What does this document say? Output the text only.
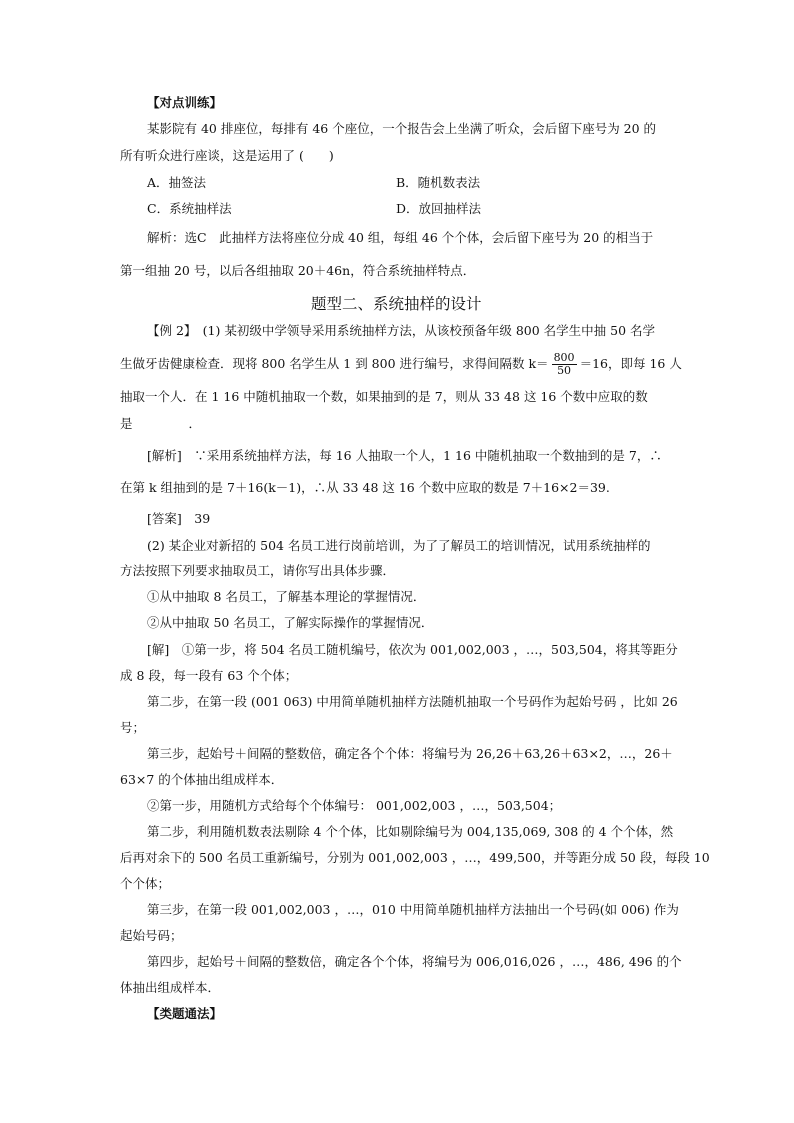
【对点训练】
某影院有 40 排座位，每排有 46 个座位，一个报告会上坐满了听众，会后留下座号为 20 的
所有听众进行座谈，这是运用了 (　　)
A．抽签法	B．随机数表法
C．系统抽样法	D．放回抽样法
解析：选C　此抽样方法将座位分成 40 组，每组 46 个个体，会后留下座号为 20 的相当于
第一组抽 20 号，以后各组抽取 20＋46n，符合系统抽样特点．
题型二、系统抽样的设计
【例 2】　(1) 某初级中学领导采用系统抽样方法，从该校预备年级 800 名学生中抽 50 名学
生做牙齿健康检查．现将 800 名学生从 1 到 800 进行编号，求得间隔数 $k= \frac{800}{50} =16$，即每 16 人
抽取一个人．在 1 16 中随机抽取一个数，如果抽到的是 7，则从 33 48 这 16 个数中应取的数
是	．
[解析]　∵采用系统抽样方法，每 16 人抽取一个人，1 16 中随机抽取一个数抽到的是 7，∴
在第 k 组抽到的是 7＋16(k－1)，∴从 33 48 这 16 个数中应取的数是 7＋16×2＝39.
[答案]　39
(2) 某企业对新招的 504 名员工进行岗前培训，为了了解员工的培训情况，试用系统抽样的
方法按照下列要求抽取员工，请你写出具体步骤．
①从中抽取 8 名员工，了解基本理论的掌握情况．
②从中抽取 50 名员工，了解实际操作的掌握情况．
[解]　①第一步，将 504 名员工随机编号，依次为 001,002,003 ，…，503,504，将其等距分
成 8 段，每一段有 63 个个体；
第二步，在第一段 (001 063) 中用简单随机抽样方法随机抽取一个号码作为起始号码 ，比如 26
号；
第三步，起始号＋间隔的整数倍，确定各个个体：将编号为 26,26＋63,26＋63×2，…，26＋
63×7 的个体抽出组成样本．
②第一步，用随机方式给每个个体编号： 001,002,003 ，…，503,504；
第二步，利用随机数表法剔除 4 个个体，比如剔除编号为 004,135,069, 308 的 4 个个体，然
后再对余下的 500 名员工重新编号，分别为 001,002,003 ，…，499,500，并等距分成 50 段，每段 10
个个体；
第三步，在第一段 001,002,003 ，…，010 中用简单随机抽样方法抽出一个号码(如 006) 作为
起始号码；
第四步，起始号＋间隔的整数倍，确定各个个体，将编号为 006,016,026 ，…，486, 496 的个
体抽出组成样本．
【类题通法】
